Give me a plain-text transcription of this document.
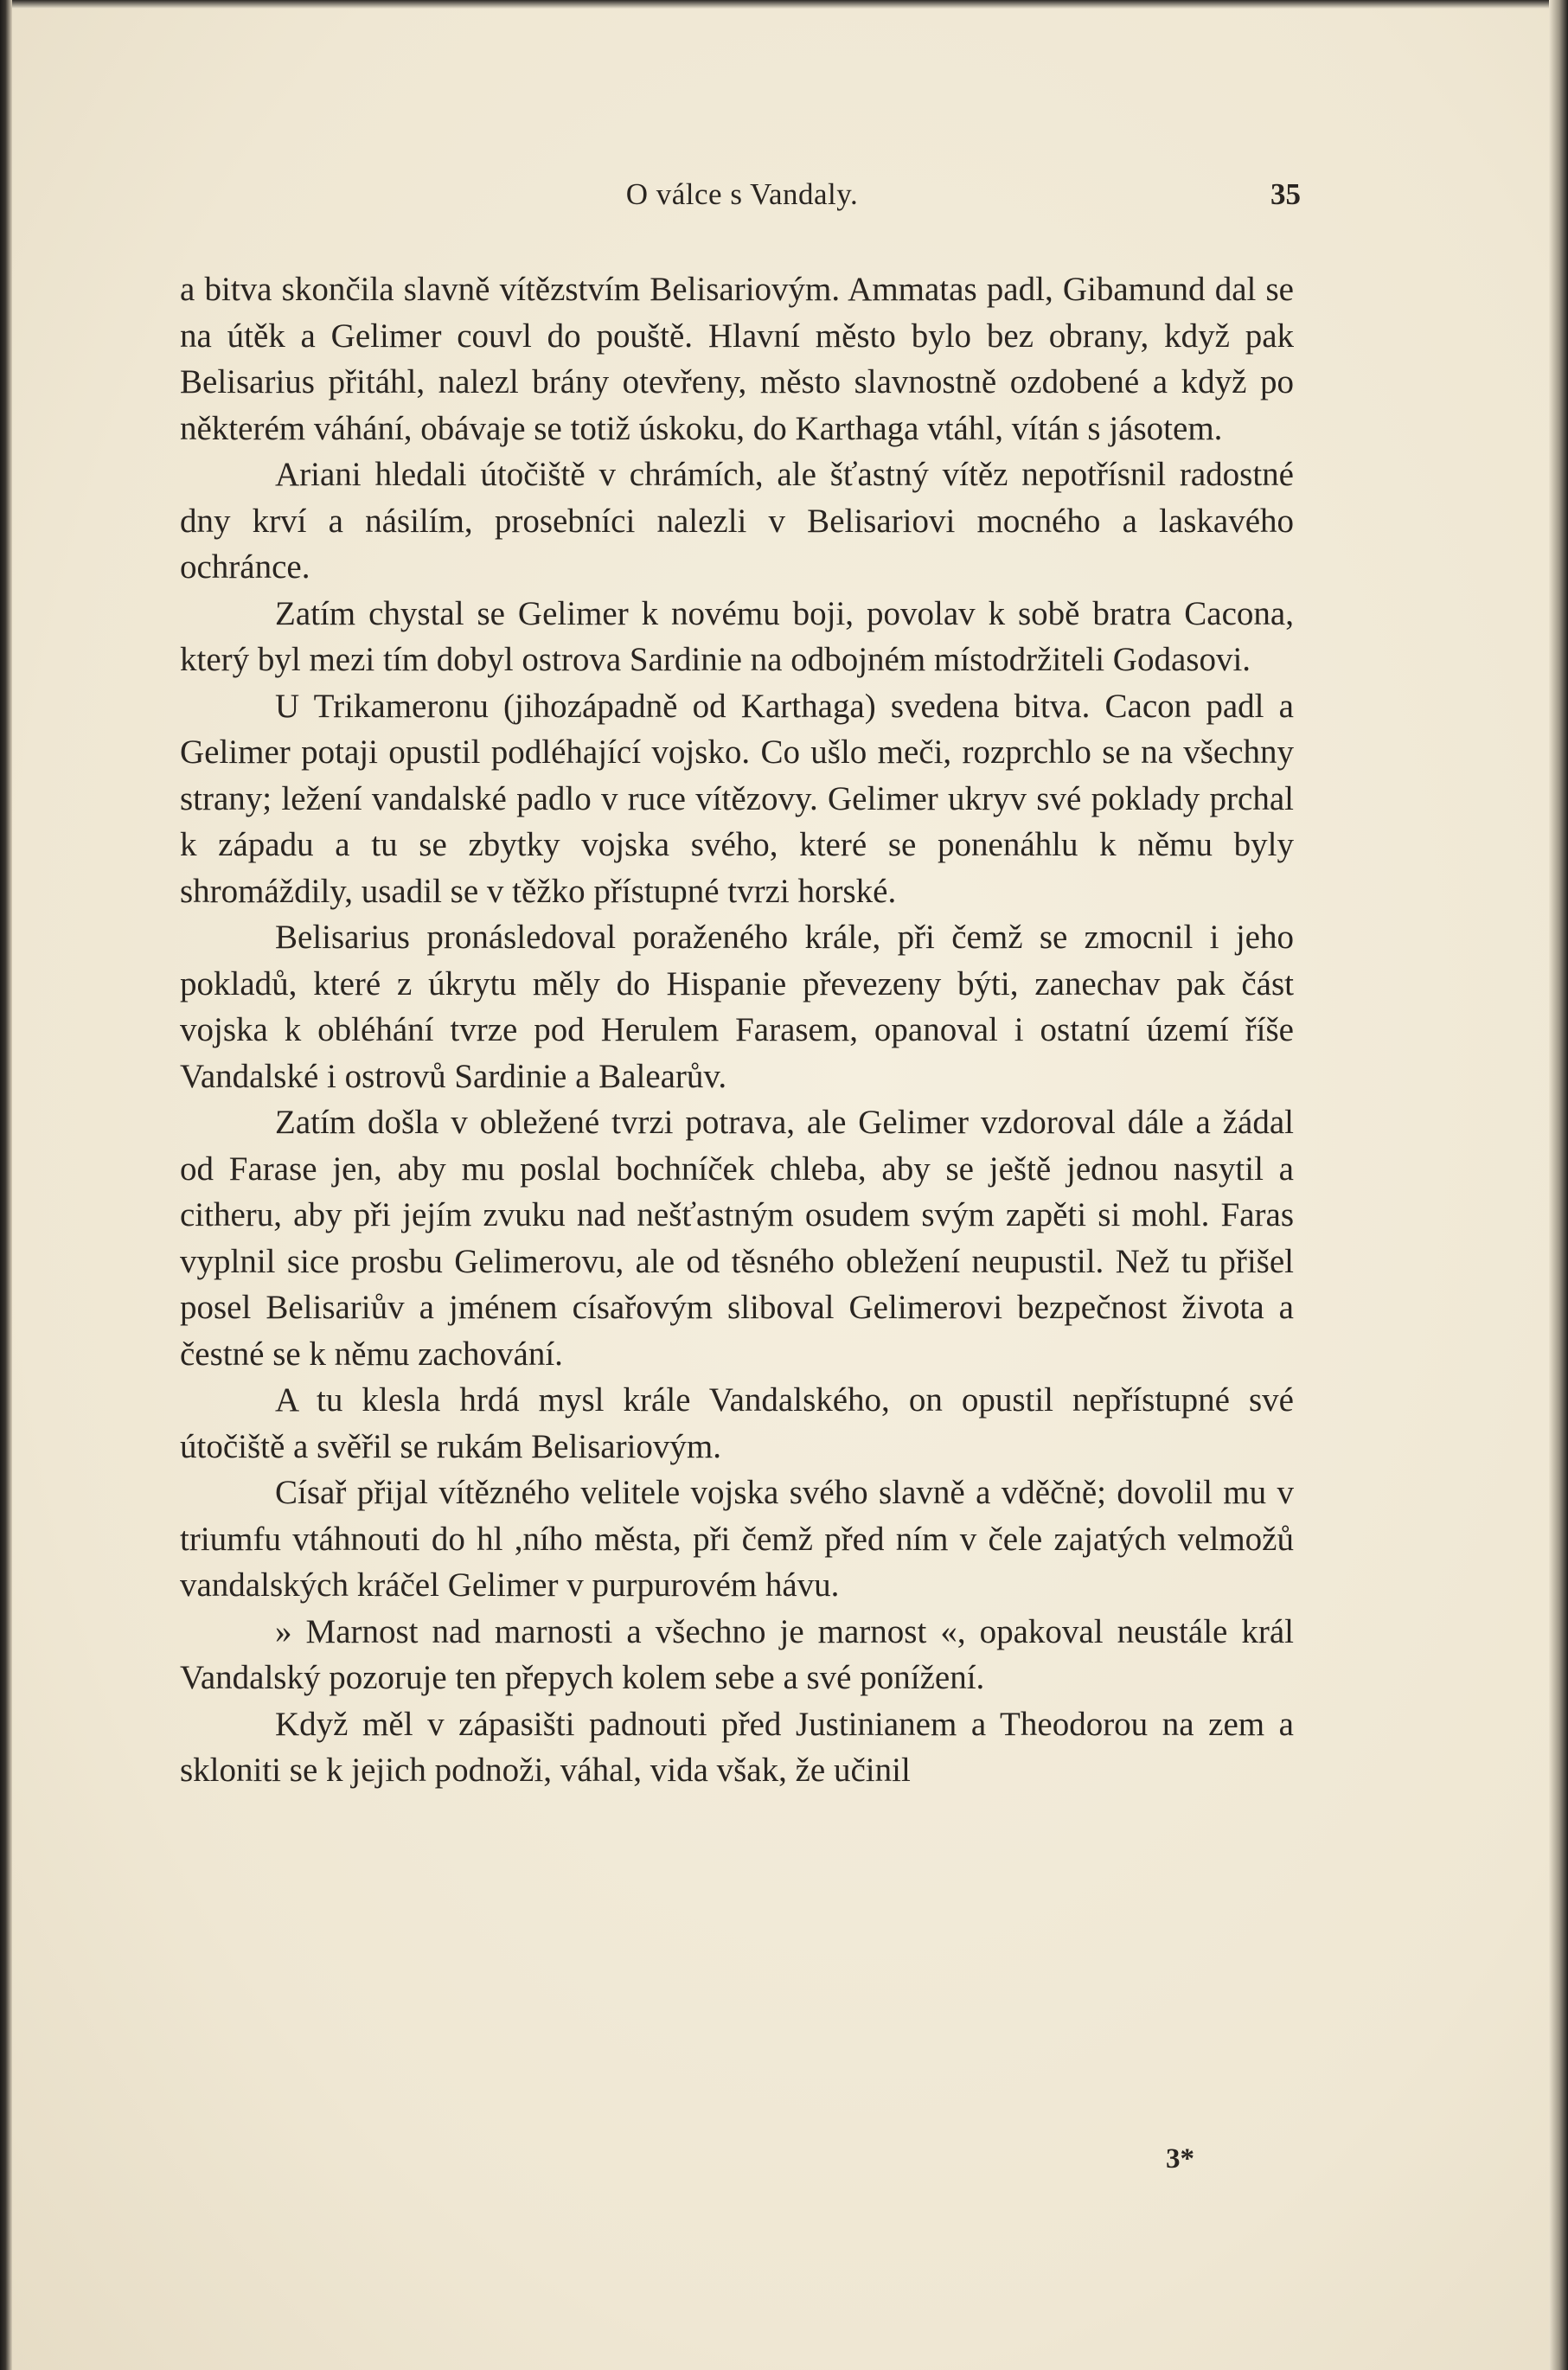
O válce s Vandaly.	35

a bitva skončila slavně vítězstvím Belisariovým. Ammatas padl, Gibamund dal se na útěk a Gelimer couvl do pouště. Hlavní město bylo bez obrany, když pak Belisarius přitáhl, nalezl brány otevřeny, město slavnostně ozdobené a když po některém váhání, obávaje se totiž úskoku, do Karthaga vtáhl, vítán s jásotem.

Ariani hledali útočiště v chrámích, ale šťastný vítěz nepotřísnil radostné dny krví a násilím, prosebníci nalezli v Belisariovi mocného a laskavého ochránce.

Zatím chystal se Gelimer k novému boji, povolav k sobě bratra Cacona, který byl mezi tím dobyl ostrova Sardinie na odbojném místodržiteli Godasovi.

U Trikameronu (jihozápadně od Karthaga) svedena bitva. Cacon padl a Gelimer potaji opustil podléhající vojsko. Co ušlo meči, rozprchlo se na všechny strany; ležení vandalské padlo v ruce vítězovy. Gelimer ukryv své poklady prchal k západu a tu se zbytky vojska svého, které se ponenáhlu k němu byly shromáždily, usadil se v těžko přístupné tvrzi horské.

Belisarius pronásledoval poraženého krále, při čemž se zmocnil i jeho pokladů, které z úkrytu měly do Hispanie převezeny býti, zanechav pak část vojska k obléhání tvrze pod Herulem Farasem, opanoval i ostatní území říše Vandalské i ostrovů Sardinie a Balearův.

Zatím došla v obležené tvrzi potrava, ale Gelimer vzdoroval dále a žádal od Farase jen, aby mu poslal bochníček chleba, aby se ještě jednou nasytil a citheru, aby při jejím zvuku nad nešťastným osudem svým zapěti si mohl. Faras vyplnil sice prosbu Gelimerovu, ale od těsného obležení neupustil. Než tu přišel posel Belisariův a jménem císařovým sliboval Gelimerovi bezpečnost života a čestné se k němu zachování.

A tu klesla hrdá mysl krále Vandalského, on opustil nepřístupné své útočiště a svěřil se rukám Belisariovým.

Císař přijal vítězného velitele vojska svého slavně a vděčně; dovolil mu v triumfu vtáhnouti do hl ,ního města, při čemž před ním v čele zajatých velmožů vandalských kráčel Gelimer v purpurovém hávu.

» Marnost nad marnosti a všechno je marnost «, opakoval neustále král Vandalský pozoruje ten přepych kolem sebe a své ponížení.

Když měl v zápasišti padnouti před Justinianem a Theodorou na zem a skloniti se k jejich podnoži, váhal, vida však, že učinil

3*
